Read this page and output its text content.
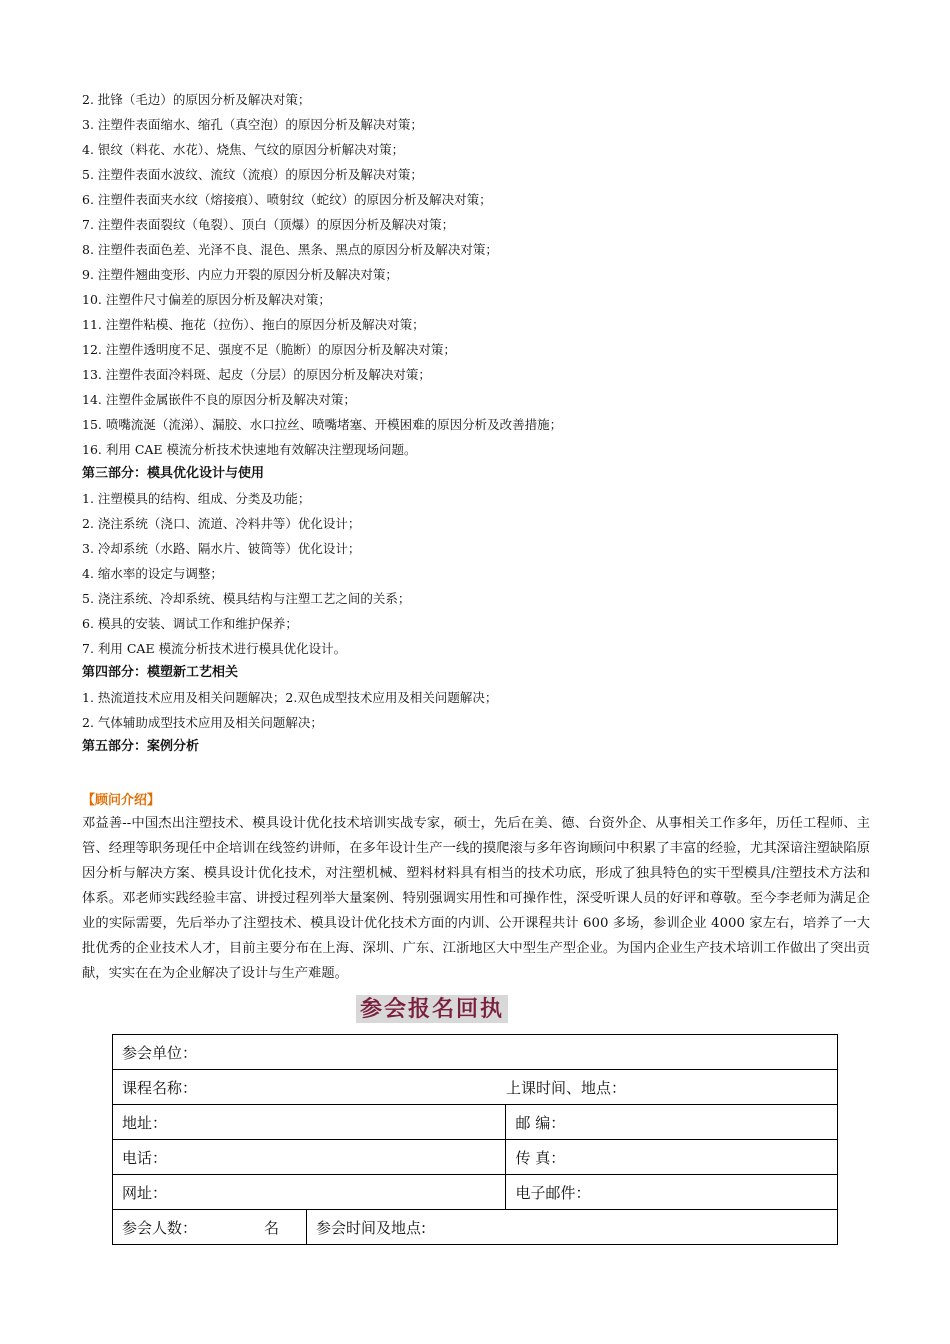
2. 批锋（毛边）的原因分析及解决对策；
3. 注塑件表面缩水、缩孔（真空泡）的原因分析及解决对策；
4. 银纹（料花、水花）、烧焦、气纹的原因分析解决对策；
5. 注塑件表面水波纹、流纹（流痕）的原因分析及解决对策；
6. 注塑件表面夹水纹（熔接痕）、喷射纹（蛇纹）的原因分析及解决对策；
7. 注塑件表面裂纹（龟裂）、顶白（顶爆）的原因分析及解决对策；
8. 注塑件表面色差、光泽不良、混色、黑条、黑点的原因分析及解决对策；
9. 注塑件翘曲变形、内应力开裂的原因分析及解决对策；
10. 注塑件尺寸偏差的原因分析及解决对策；
11. 注塑件粘模、拖花（拉伤）、拖白的原因分析及解决对策；
12. 注塑件透明度不足、强度不足（脆断）的原因分析及解决对策；
13. 注塑件表面冷料斑、起皮（分层）的原因分析及解决对策；
14. 注塑件金属嵌件不良的原因分析及解决对策；
15. 喷嘴流涎（流涕）、漏胶、水口拉丝、喷嘴堵塞、开模困难的原因分析及改善措施；
16. 利用 CAE 模流分析技术快速地有效解决注塑现场问题。
第三部分：模具优化设计与使用
1. 注塑模具的结构、组成、分类及功能；
2. 浇注系统（浇口、流道、冷料井等）优化设计；
3. 冷却系统（水路、隔水片、铍筒等）优化设计；
4. 缩水率的设定与调整；
5. 浇注系统、冷却系统、模具结构与注塑工艺之间的关系；
6. 模具的安装、调试工作和维护保养；
7. 利用 CAE 模流分析技术进行模具优化设计。
第四部分：模塑新工艺相关
1. 热流道技术应用及相关问题解决；2.双色成型技术应用及相关问题解决；
2. 气体辅助成型技术应用及相关问题解决；
第五部分：案例分析
【顾问介绍】

邓益善--中国杰出注塑技术、模具设计优化技术培训实战专家，硕士，先后在美、德、台资外企、从事相关工作多年，历任工程师、主管、经理等职务现任中企培训在线签约讲师，在多年设计生产一线的摸爬滚与多年咨询顾问中积累了丰富的经验，尤其深谙注塑缺陷原因分析与解决方案、模具设计优化技术，对注塑机械、塑料材料具有相当的技术功底，形成了独具特色的实干型模具/注塑技术方法和体系。邓老师实践经验丰富、讲授过程列举大量案例、特别强调实用性和可操作性，深受听课人员的好评和尊敬。至今李老师为满足企业的实际需要，先后举办了注塑技术、模具设计优化技术方面的内训、公开课程共计 600 多场，参训企业 4000 家左右，培养了一大批优秀的企业技术人才，目前主要分布在上海、深圳、广东、江浙地区大中型生产型企业。为国内企业生产技术培训工作做出了突出贡献，实实在在为企业解决了设计与生产难题。

参会报名回执
参会单位：		
课程名称：		上课时间、地点：
地址：		邮 编：
电话：		传 真：
网址：		电子邮件：
参会人数： 名	参会时间及地点:	
